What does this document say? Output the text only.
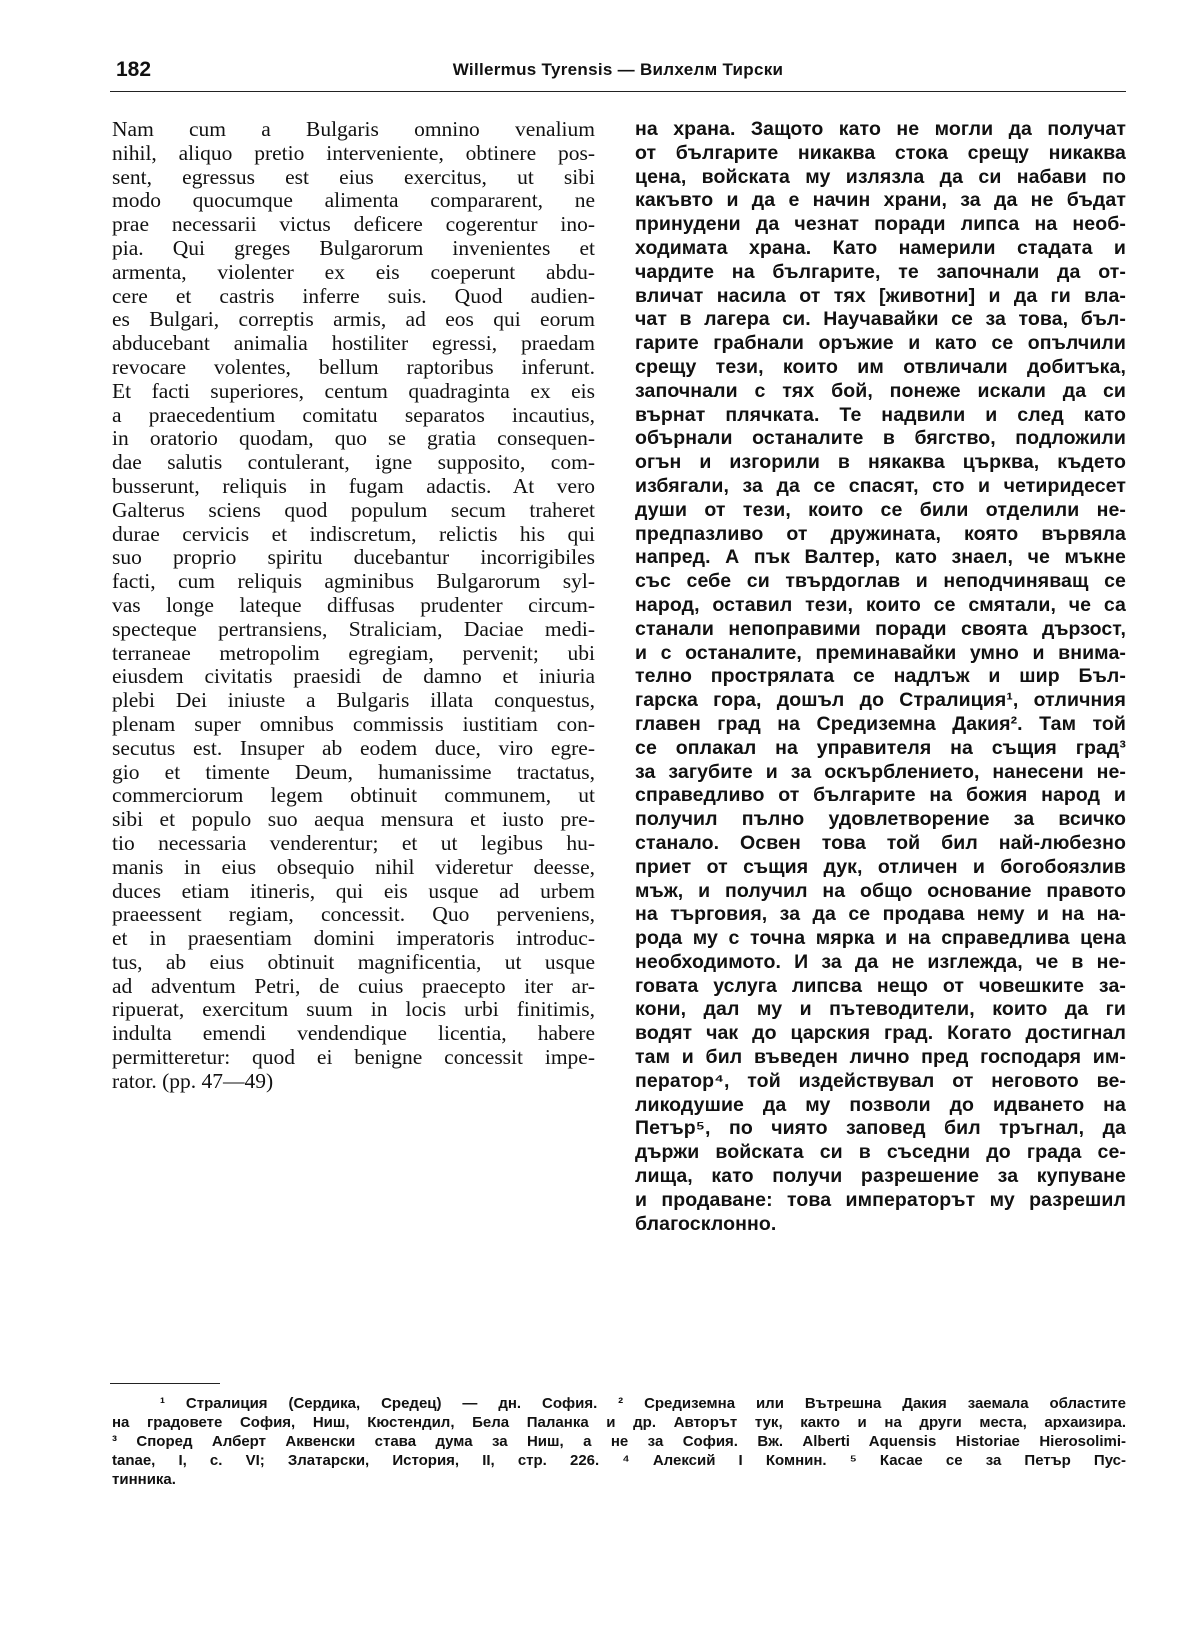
182	Willermus Tyrensis — Вилхелм Тирски
Nam cum a Bulgaris omnino venalium
nihil, aliquo pretio interveniente, obtinere pos-
sent, egressus est eius exercitus, ut sibi
modo quocumque alimenta compararent, ne
prae necessarii victus deficere cogerentur ino-
pia. Qui greges Bulgarorum invenientes et
armenta, violenter ex eis coeperunt abdu-
cere et castris inferre suis. Quod audien-
es Bulgari, correptis armis, ad eos qui eorum
abducebant animalia hostiliter egressi, praedam
revocare volentes, bellum raptoribus inferunt.
Et facti superiores, centum quadraginta ex eis
a praecedentium comitatu separatos incautius,
in oratorio quodam, quo se gratia consequen-
dae salutis contulerant, igne supposito, com-
busserunt, reliquis in fugam adactis. At vero
Galterus sciens quod populum secum traheret
durae cervicis et indiscretum, relictis his qui
suo proprio spiritu ducebantur incorrigibiles
facti, cum reliquis agminibus Bulgarorum syl-
vas longe lateque diffusas prudenter circum-
specteque pertransiens, Straliciam, Daciae medi-
terraneae metropolim egregiam, pervenit; ubi
eiusdem civitatis praesidi de damno et iniuria
plebi Dei iniuste a Bulgaris illata conquestus,
plenam super omnibus commissis iustitiam con-
secutus est. Insuper ab eodem duce, viro egre-
gio et timente Deum, humanissime tractatus,
commerciorum legem obtinuit communem, ut
sibi et populo suo aequa mensura et iusto pre-
tio necessaria venderentur; et ut legibus hu-
manis in eius obsequio nihil videretur deesse,
duces etiam itineris, qui eis usque ad urbem
praeessent regiam, concessit. Quo perveniens,
et in praesentiam domini imperatoris introduc-
tus, ab eius obtinuit magnificentia, ut usque
ad adventum Petri, de cuius praecepto iter ar-
ripuerat, exercitum suum in locis urbi finitimis,
indulta emendi vendendique licentia, habere
permitteretur: quod ei benigne concessit impe-
rator. (pp. 47—49)
на храна. Защото като не могли да получат
от българите никаква стока срещу никаква
цена, войската му излязла да си набави по
какъвто и да е начин храни, за да не бъдат
принудени да чезнат поради липса на необ-
ходимата храна. Като намерили стадата и
чардите на българите, те започнали да от-
вличат насила от тях [животни] и да ги вла-
чат в лагера си. Научавайки се за това, бъл-
гарите грабнали оръжие и като се опълчили
срещу тези, които им отвличали добитъка,
започнали с тях бой, понеже искали да си
върнат плячката. Те надвили и след като
обърнали останалите в бягство, подложили
огън и изгорили в някаква църква, където
избягали, за да се спасят, сто и четиридесет
души от тези, които се били отделили не-
предпазливо от дружината, която вървяла
напред. А пък Валтер, като знаел, че мъкне
със себе си твърдоглав и неподчиняващ се
народ, оставил тези, които се смятали, че са
станали непоправими поради своята дързост,
и с останалите, преминавайки умно и внима-
телно прострялата се надлъж и шир Бъл-
гарска гора, дошъл до Стралиция¹, отличния
главен град на Средиземна Дакия². Там той
се оплакал на управителя на същия град³
за загубите и за оскърблението, нанесени не-
справедливо от българите на божия народ и
получил пълно удовлетворение за всичко
станало. Освен това той бил най-любезно
приет от същия дук, отличен и богобоязлив
мъж, и получил на общо основание правото
на търговия, за да се продава нему и на на-
рода му с точна мярка и на справедлива цена
необходимото. И за да не изглежда, че в не-
говата услуга липсва нещо от човешките за-
кони, дал му и пътеводители, които да ги
водят чак до царския град. Когато достигнал
там и бил въведен лично пред господаря им-
ператор⁴, той издействувал от неговото ве-
ликодушие да му позволи до идването на
Петър⁵, по чиято заповед бил тръгнал, да
държи войската си в съседни до града се-
лища, като получи разрешение за купуване
и продаване: това императорът му разрешил
благосклонно.
¹ Стралиция (Сердика, Средец) — дн. София. ² Средиземна или Вътрешна Дакия заемала областите
на градовете София, Ниш, Кюстендил, Бела Паланка и др. Авторът тук, както и на други места, архаизира.
³ Според Алберт Аквенски става дума за Ниш, а не за София. Вж. Alberti Aquensis Historiae Hierosolimi-
tanae, I, c. VI; Златарски, История, II, стр. 226. ⁴ Алексий I Комнин. ⁵ Касае се за Петър Пус-
тинника.
